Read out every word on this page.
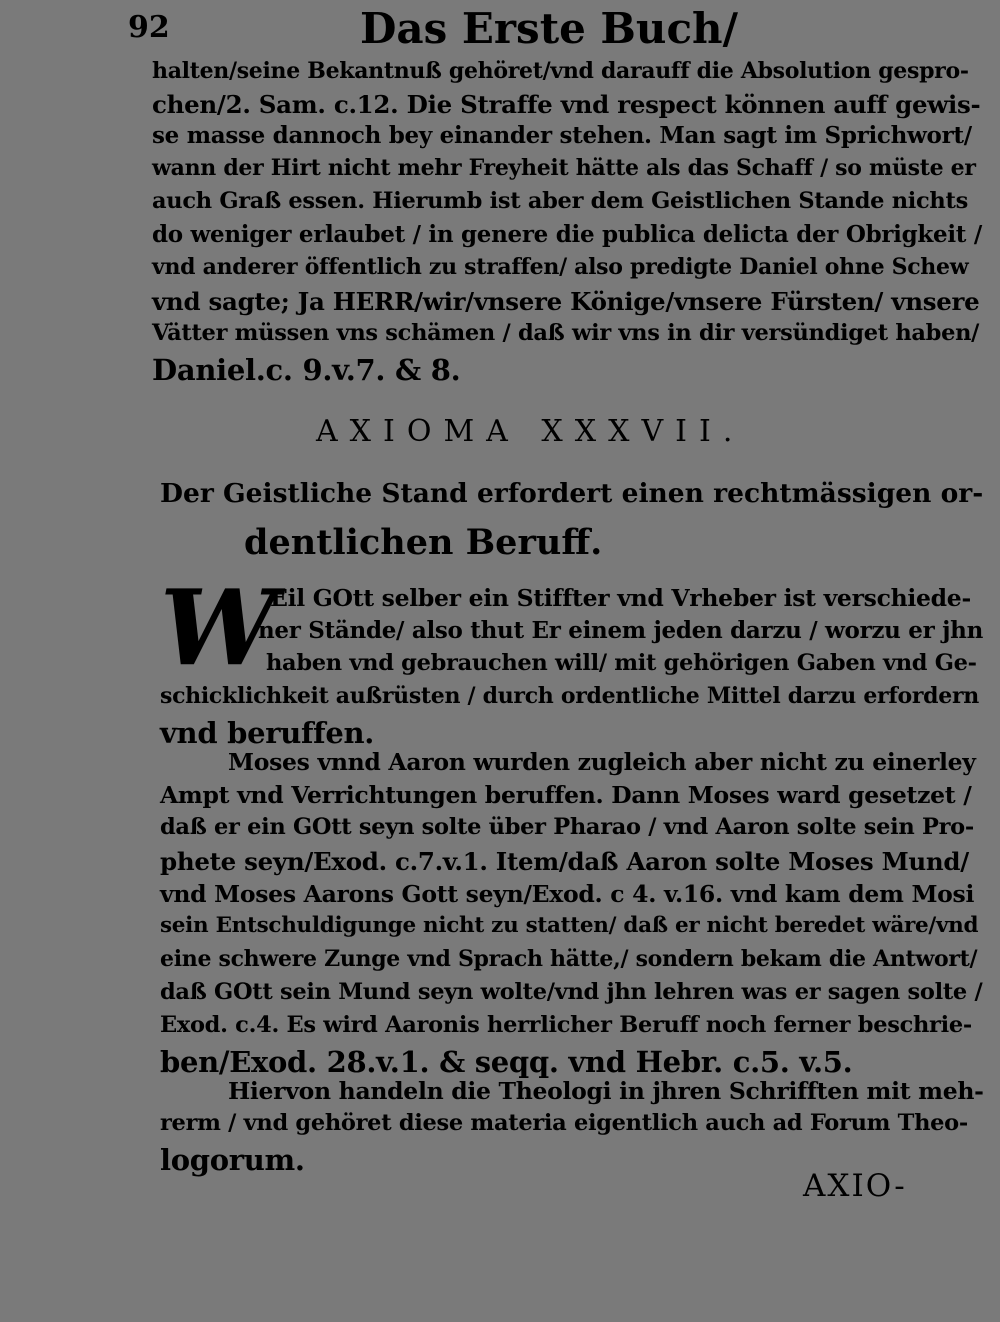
92	Das Erste Buch/
halten/seine Bekantnuß gehöret/vnd darauff die Absolution gespro-
chen/2. Sam. c.12. Die Straffe vnd respect können auff gewis-
se masse dannoch bey einander stehen. Man sagt im Sprichwort/
wann der Hirt nicht mehr Freyheit hätte als das Schaff / so müste er
auch Graß essen. Hierumb ist aber dem Geistlichen Stande nichts
do weniger erlaubet / in genere die publica delicta der Obrigkeit /
vnd anderer öffentlich zu straffen/ also predigte Daniel ohne Schew
vnd sagte; Ja HERR/wir/vnsere Könige/vnsere Fürsten/ vnsere
Vätter müssen vns schämen / daß wir vns in dir versündiget haben/
Daniel.c. 9.v.7. & 8.
AXIOMA XXXVII.
Der Geistliche Stand erfordert einen rechtmässigen or-
dentlichen Beruff.
W
Eil GOtt selber ein Stiffter vnd Vrheber ist verschiede-
ner Stände/ also thut Er einem jeden darzu / worzu er jhn
haben vnd gebrauchen will/ mit gehörigen Gaben vnd Ge-
schicklichkeit außrüsten / durch ordentliche Mittel darzu erfordern
vnd beruffen.
Moses vnnd Aaron wurden zugleich aber nicht zu einerley
Ampt vnd Verrichtungen beruffen. Dann Moses ward gesetzet /
daß er ein GOtt seyn solte über Pharao / vnd Aaron solte sein Pro-
phete seyn/Exod. c.7.v.1. Item/daß Aaron solte Moses Mund/
vnd Moses Aarons Gott seyn/Exod. c 4. v.16. vnd kam dem Mosi
sein Entschuldigunge nicht zu statten/ daß er nicht beredet wäre/vnd
eine schwere Zunge vnd Sprach hätte,/ sondern bekam die Antwort/
daß GOtt sein Mund seyn wolte/vnd jhn lehren was er sagen solte /
Exod. c.4. Es wird Aaronis herrlicher Beruff noch ferner beschrie-
ben/Exod. 28.v.1. & seqq. vnd Hebr. c.5. v.5.
Hiervon handeln die Theologi in jhren Schrifften mit meh-
rerm / vnd gehöret diese materia eigentlich auch ad Forum Theo-
logorum.
AXIO-
